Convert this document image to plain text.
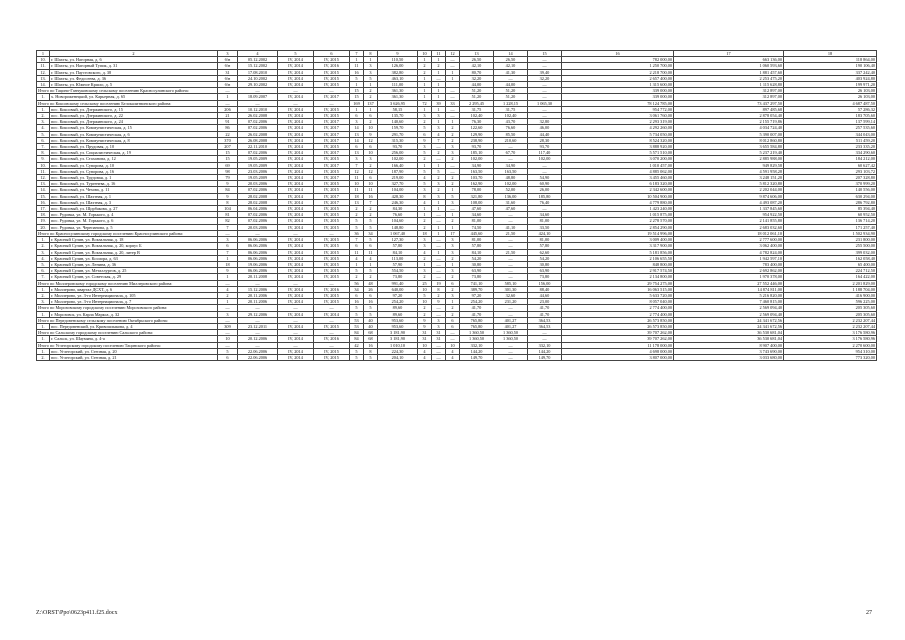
1	2	3	4	5	6	7	8	9	10	11	12	13	14	15	16	17	18
10.	г. Шахты, ул. Нагорная, д. 6	б/н	05.12.2002	IV, 2014	IV, 2015	1	1	110,50	1	1	—	26,50	26,50	—	782 000,00	663 136,00	118 864,00
11.	г. Шахты, ул. Нагорный Тупик, д. 31	б/н	15.12.2002	IV, 2014	IV, 2016	11	3	126,00	2	2	—	42,10	42,10	—	1 250 700,00	1 060 593,60	190 106,40
12.	г. Шахты, ул. Паустовского, д. 38	31	17.08.2010	IV, 2014	IV, 2015	16	3	382,80	2	1	1	80,70	41,30	39,40	2 218 700,00	1 881 457,60	337 242,40
13.	г. Шахты, ул. Федосеева, д. 36	б/н	24.10.2002	IV, 2014	IV, 2015	5	5	463,10	1	—	1	32,20	—	32,20	2 657 400,00	2 253 475,20	403 924,80
14.	г. Шахты, ул. Южное Кршло, д. 5	б/н	29.10.2002	IV, 2014	IV, 2015	1	1	111,00	1	1		44,00	44,00	—	1 315 600,00	1 115 628,80	199 971,20
Итого по Тацино-Ганчуковскому сельскому поселению Красносулинского района:		—	—	—	—	15	2	361,30	1	1	—	51,20	51,20	—	339 000,00	312 897,00	26 103,00
1.	х. Новороженецкий, ул. Карьерная, д. 65	1	18.09.2007	IV, 2014	IV, 2017	15	2	361,30	1	1	—	51,20	51,20	—	339 000,00	312 897,00	26 103,00
Итого по Коксовскому сельскому поселению Белокалитвинского района:		—	—	—	—	169	137	3 626,95	72	39	33	2 295,45	1 228,15	1 065,30	78 124 785,00	73 437 297,50	4 687 487,50
1.	пос. Коксовый, ул. Дзержинского, д. 15	206	10.12.2010	IV, 2014	IV, 2015	1	1	58,15	1	1	—	31,75	31,75	—	954 772,00	897 485,68	57 286,32
2.	пос. Коксовый, ул. Дзержинского, д. 22	21	26.02.2008	IV, 2014	IV, 2015	6	6	135,70	3	3	—	102,40	102,40	—	3 061 760,00	2 878 054,40	183 705,60
3.	пос. Коксовый, ул. Дзержинского, д. 24	91	07.02.2006	IV, 2014	IV, 2017	3	2	140,60	2	1	1	76,30	43,70	32,80	2 293 319,00	2 155 719,86	137 599,14
4.	пос. Коксовый, ул. Коммунистическая, д. 15	86	07.02.2006	IV, 2014	IV, 2017	14	10	159,70	5	3	2	122,60	76,60	46,00	4 292 260,00	4 034 724,40	257 535,60
5.	пос. Коксовый, ул. Коммунистическая, д. 6	22	26.02.2008	IV, 2014	IV, 2017	13	9	291,70	6	4	2	129,90	85,50	44,40	5 734 050,00	5 390 007,00	344 043,00
6.	пос. Коксовый, ул. Коммунистическая, д. 8	370	26.08.2008	IV, 2014	IV, 2017	14	12	315,30	9	7	2	238,90	210,60	28,30	8 524 320,00	8 012 860,80	511 459,20
7.	пос. Коксовый, ул. Прудовая, д. 10	207	22.11.2010	IV, 2014	IV, 2015	6	6	93,70	3	—	3	93,70	—	93,70	3 888 920,00	3 655 584,80	233 335,20
8.	пос. Коксовый, ул. Социалистическая, д. 19	15	07.02.2006	IV, 2014	IV, 2017	13	10	256,00	5	2	3	185,10	67,70	117,40	5 571 510,00	5 237 219,40	334 290,60
9.	пос. Коксовый, ул. Стаханова, д. 12	15	19.05.2009	IV, 2014	IV, 2015	3	3	102,00	2	—	2	102,00	—	102,00	3 070 200,00	2 885 988,00	184 212,00
10.	пос. Коксовый, ул. Суворова, д. 10	69	19.05.2009	IV, 2014	IV, 2017	7	2	166,40	1	1	—	34,90	34,90	—	1 010 457,00	949 829,58	60 627,42
11.	пос. Коксовый, ул. Суворова, д. 16	98	23.03.2006	IV, 2014	IV, 2015	12	12	187,90	5	5	—	163,50	163,50	—	4 885 062,00	4 591 958,28	293 103,72
12.	пос. Коксовый, ул. Трудовая, д. 1	79	19.05.2009	IV, 2014	IV, 2017	11	6	219,00	4	2	2	103,70	48,80	54,90	3 455 460,00	3 248 151,20	207 328,80
13.	пос. Коксовый, ул. Тургенева, д. 16	9	20.03.2006	IV, 2014	IV, 2015	10	10	327,70	5	3	2	162,90	102,00	60,90	6 183 320,00	5 812 320,80	370 999,20
14.	пос. Коксовый, ул. Чехова, д. 11	84	07.02.2006	IV, 2014	IV, 2015	11	11	104,00	3	2	1	78,00	52,00	26,00	2 342 600,00	2 202 044,00	140 556,00
15.	пос. Коксовый, ул. Шахтная, д. 1	9	28.02.2008	IV, 2014	IV, 2017	18	16	428,30	8	3	5	321,80	136,00	185,80	10 504 900,00	9 874 606,00	630 294,00
16.	пос. Коксовый, ул. Шахтная, д. 3	8	28.02.2008	IV, 2014	IV, 2017	13	7	246,30	4	1	3	108,00	31,60	76,40	4 779 880,00	4 493 087,20	286 792,80
17.	пос. Коксовый, ул. Щорбакова, д. 27	104	06.04.2006	IV, 2014	IV, 2015	2	2	84,30	1	1	—	47,60	47,60	—	1 423 240,00	1 337 845,60	85 394,40
18.	пос. Рудовка, ул. М. Горького, д. 4	81	07.02.2006	IV, 2014	IV, 2015	2	2	76,60	1	—	1	34,60	—	34,60	1 015 875,00	954 922,50	60 952,50
19.	пос. Рудовка, ул. М. Горького, д. 6	82	07.02.2006	IV, 2014	IV, 2015	5	5	104,60	2	—	2	81,00	—	81,00	2 278 570,00	2 141 855,80	136 714,20
20.	пос. Рудовка, ул. Черепанова, д. 5	7	20.03.2006	IV, 2014	IV, 2015	5	5	148,80	2	1	1	74,50	41,10	33,50	2 854 290,00	2 683 032,60	171 257,40
Итого по Красносулинскому городскому поселению Красносулинского района:		—	—	—	—	36	34	1 067,40	18	1	17	445,60	21,50	424,10	19 514 996,00	18 012 061,10	1 502 934,90
1.	г. Красный Сулин, ул. Вокзальная, д. 18	3	06.06.2006	IV, 2014	IV, 2015	7	5	127,30	3	—	3	81,00	—	81,00	3 009 400,00	2 777 600,00	231 800,00
2.	г. Красный Сулин, ул. Вокзальная, д. 20, корпус Б	6	06.06.2006	IV, 2014	IV, 2015	6	6	57,80	3	—	3	57,80	—	57,80	3 317 900,00	3 062 400,00	255 500,00
3.	г. Красный Сулин, ул. Вокзальная, д. 20, литер В	7	06.06.2006	IV, 2014	IV, 2015	11	11	84,10	4	1	3	84,10	21,50	62,60	5 181 856,00	4 782 824,00	399 032,00
4.	г. Красный Сулин, ул. Косиора, д. 63	1	06.06.2006	IV, 2014	IV, 2015	4	4	113,00	2	—	2	54,20	—	54,20	2 106 655,50	1 942 597,10	162 058,40
5.	г. Красный Сулин, ул. Ленина, д. 36	18	19.06.2006	IV, 2014	IV, 2015	1	1	57,90	1	—	1	30,80	—	30,80	848 800,00	783 400,00	65 400,00
6.	г. Красный Сулин, ул. Металлургов, д. 25	9	06.06.2006	IV, 2014	IV, 2015	5	5	554,50	3	—	3	63,90	—	63,90	2 917 574,50	2 692 862,00	224 712,50
7.	г. Красный Сулин, ул. Советская, д. 29	1	20.11.2008	IV, 2014	IV, 2015	2	2	73,80	2	—	2	73,80	—	73,80	2 134 800,00	1 970 378,00	164 422,00
Итого по Миллеровскому городскому поселению Миллеровского района:		—	—	—	—	56	48	991,40	25	19	6	741,10	585,10	156,00	29 754 275,00	27 552 446,00	2 201 829,00
1.	г. Миллерово, квартал ДСХТ, д. 6	4	15.12.2006	IV, 2014	IV, 2016	34	26	640,00	10	8	2	389,70	301,30	88,40	16 063 515,00	14 874 811,00	1 188 704,00
2.	г. Миллерово, ул. 3-го Интернационала, д. 105	2	20.11.2006	IV, 2014	IV, 2015	6	6	97,20	5	2	3	97,20	32,60	44,60	5 633 720,00	5 216 820,00	416 900,00
3.	г. Миллерово, ул. 3-го Интернационала, д. 7	1	20.11.2006	IV, 2014	IV, 2015	16	16	254,20	10	9	1	254,20	231,20	23,00	8 057 040,00	7 460 815,00	596 225,00
Итого по Морозовскому городскому поселению Морозовского района:		—	—	—	—	5	5	89,60	2	—	2	41,70	—	41,70	2 774 400,00	2 569 094,40	205 305,60
1.	г. Морозовск, ул. Карла Маркса, д. 32	3	29.12.2006	IV, 2014	IV, 2014	5	5	89,60	2	—	2	41,70	—	41,70	2 774 400,00	2 569 094,40	205 305,60
Итого по Передовенскому сельскому поселению Октябрьского района:		—	—	—	—	53	40	953,60	9	3	6	765,80	401,27	364,53	26 573 850,00	24 341 672,56	2 232 207,44
1.	пос. Передовенский, ул. Кривошлыкова, д. 4	309	23.12.2011	IV, 2014	IV, 2015	53	40	953,60	9	3	6	765,80	401,27	364,53	26 573 850,00	24 341 672,56	2 232 207,44
Итого по Сальскому городскому поселению Сальского района:		—	—	—	—	84	68	3 181,90	31	31	—	1 360,50	1 360,50	—	39 707 262,00	36 530 681,04	3 176 580,96
1.	г. Сальск, ул. Шаумяна, д. 4-а	10	20.12.2006	IV, 2014	IV, 2016	84	68	3 181,90	31	31	—	1 360,50	1 360,50	—	39 707 262,00	36 530 681,04	3 176 580,96
Итого по Углегорскому городскому поселению Тацинского района:		—	—	—	—	42	16	1 010,10	10	—	10	332,10	—	332,10	11 178 000,00	8 907 400,00	2 270 600,00
1.	пос. Углегорский, ул. Степная, д. 20	5	22.06.2006	IV, 2014	IV, 2015	5	8	224,30	4	—	4	144,20	—	144,20	4 698 000,00	3 743 690,00	954 310,00
2.	пос. Углегорский, ул. Степная, д. 21	6	22.06.2006	IV, 2014	IV, 2015	5	5	204,10	4	—	4	149,70	—	149,70	3 807 000,00	3 033 680,00	773 320,00
Z:\ORST\Ppo\0623p411.f25.docx	27
